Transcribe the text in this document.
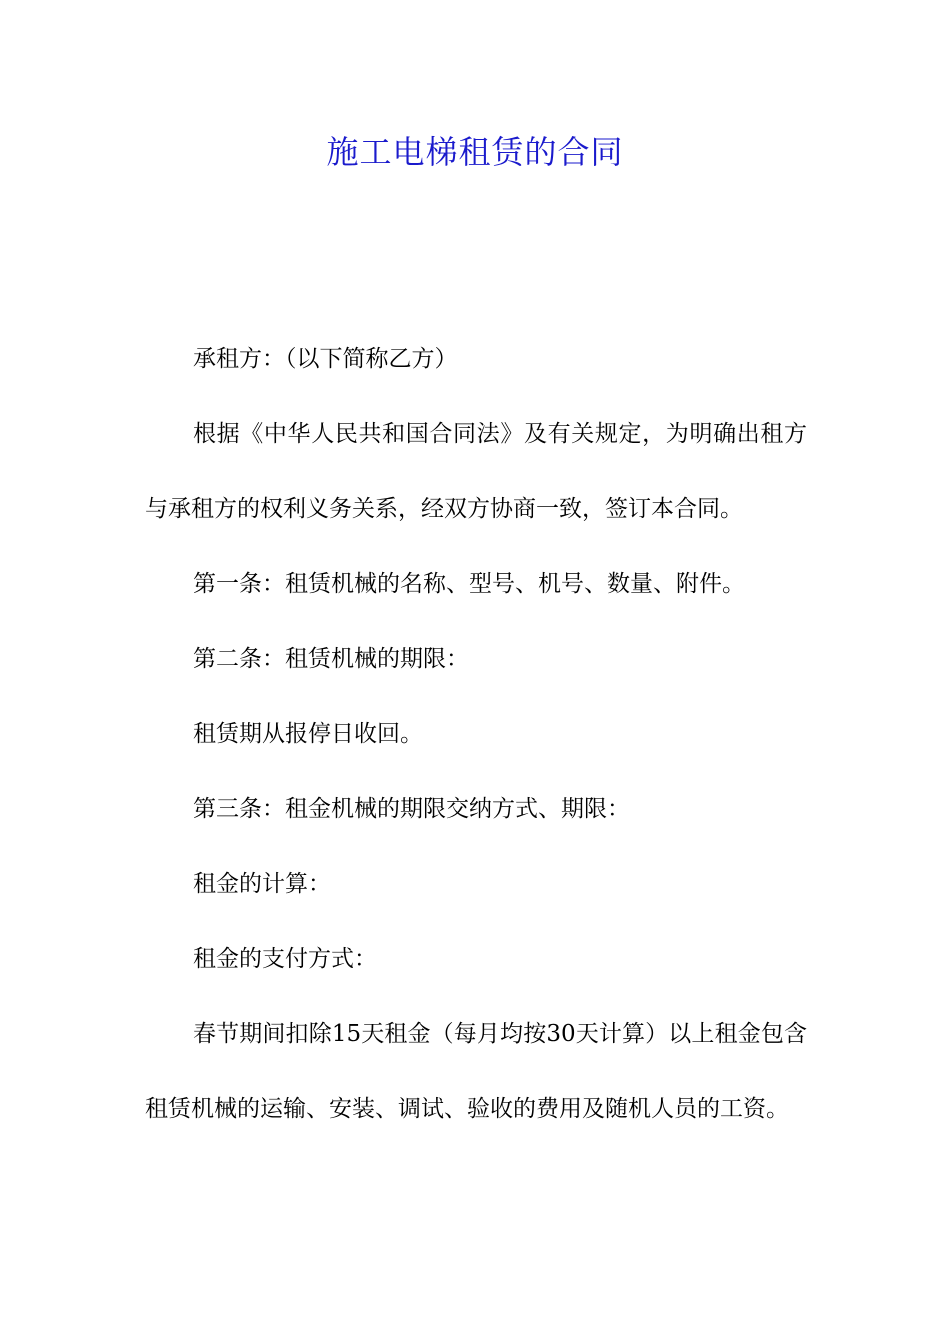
施工电梯租赁的合同

承租方：（以下简称乙方）

根据《中华人民共和国合同法》及有关规定，为明确出租方与承租方的权利义务关系，经双方协商一致，签订本合同。

第一条：租赁机械的名称、型号、机号、数量、附件。

第二条：租赁机械的期限：

租赁期从报停日收回。

第三条：租金机械的期限交纳方式、期限：

租金的计算：

租金的支付方式：

春节期间扣除15天租金（每月均按30天计算）以上租金包含租赁机械的运输、安装、调试、验收的费用及随机人员的工资。
